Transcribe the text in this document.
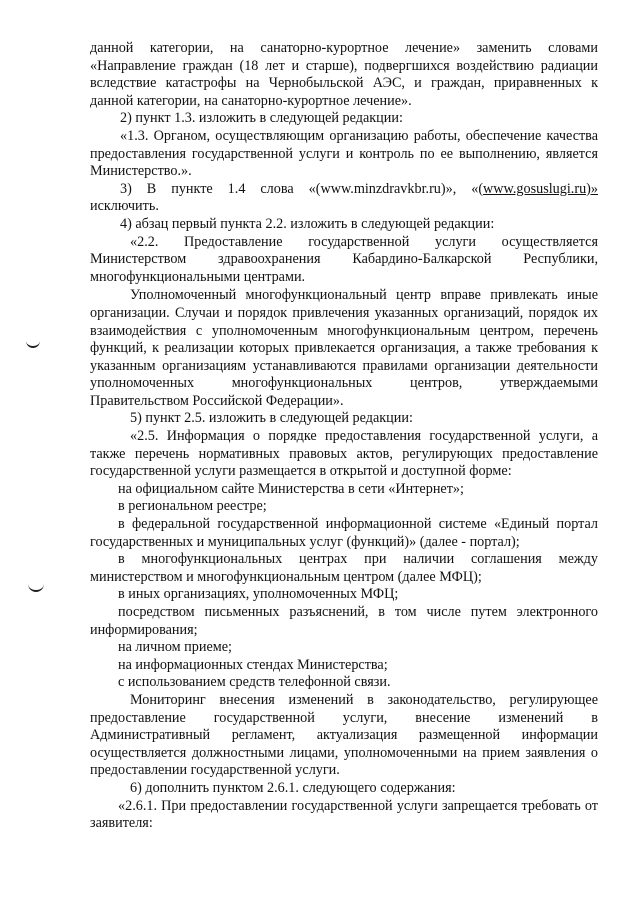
данной категории, на санаторно-курортное лечение» заменить словами «Направление граждан (18 лет и старше), подвергшихся воздействию радиации вследствие катастрофы на Чернобыльской АЭС, и граждан, приравненных к данной категории, на санаторно-курортное лечение».

2) пункт 1.3. изложить в следующей редакции:

«1.3. Органом, осуществляющим организацию работы, обеспечение качества предоставления государственной услуги и контроль по ее выполнению, является Министерство.».

3) В пункте 1.4 слова «(www.minzdravkbr.ru)», «(www.gosuslugi.ru)» исключить.

4) абзац первый пункта 2.2. изложить в следующей редакции:

«2.2. Предоставление государственной услуги осуществляется Министерством здравоохранения Кабардино-Балкарской Республики, многофункциональными центрами.

Уполномоченный многофункциональный центр вправе привлекать иные организации. Случаи и порядок привлечения указанных организаций, порядок их взаимодействия с уполномоченным многофункциональным центром, перечень функций, к реализации которых привлекается организация, а также требования к указанным организациям устанавливаются правилами организации деятельности уполномоченных многофункциональных центров, утверждаемыми Правительством Российской Федерации».

5) пункт 2.5. изложить в следующей редакции:

«2.5. Информация о порядке предоставления государственной услуги, а также перечень нормативных правовых актов, регулирующих предоставление государственной услуги размещается в открытой и доступной форме:

на официальном сайте Министерства в сети «Интернет»;

в региональном реестре;

в федеральной государственной информационной системе «Единый портал государственных и муниципальных услуг (функций)» (далее - портал);

в многофункциональных центрах при наличии соглашения между министерством и многофункциональным центром (далее МФЦ);

в иных организациях, уполномоченных МФЦ;

посредством письменных разъяснений, в том числе путем электронного информирования;

на личном приеме;

на информационных стендах Министерства;

с использованием средств телефонной связи.

Мониторинг внесения изменений в законодательство, регулирующее предоставление государственной услуги, внесение изменений в Административный регламент, актуализация размещенной информации осуществляется должностными лицами, уполномоченными на прием заявления о предоставлении государственной услуги.

6) дополнить пунктом 2.6.1. следующего содержания:

«2.6.1. При предоставлении государственной услуги запрещается требовать от заявителя:
